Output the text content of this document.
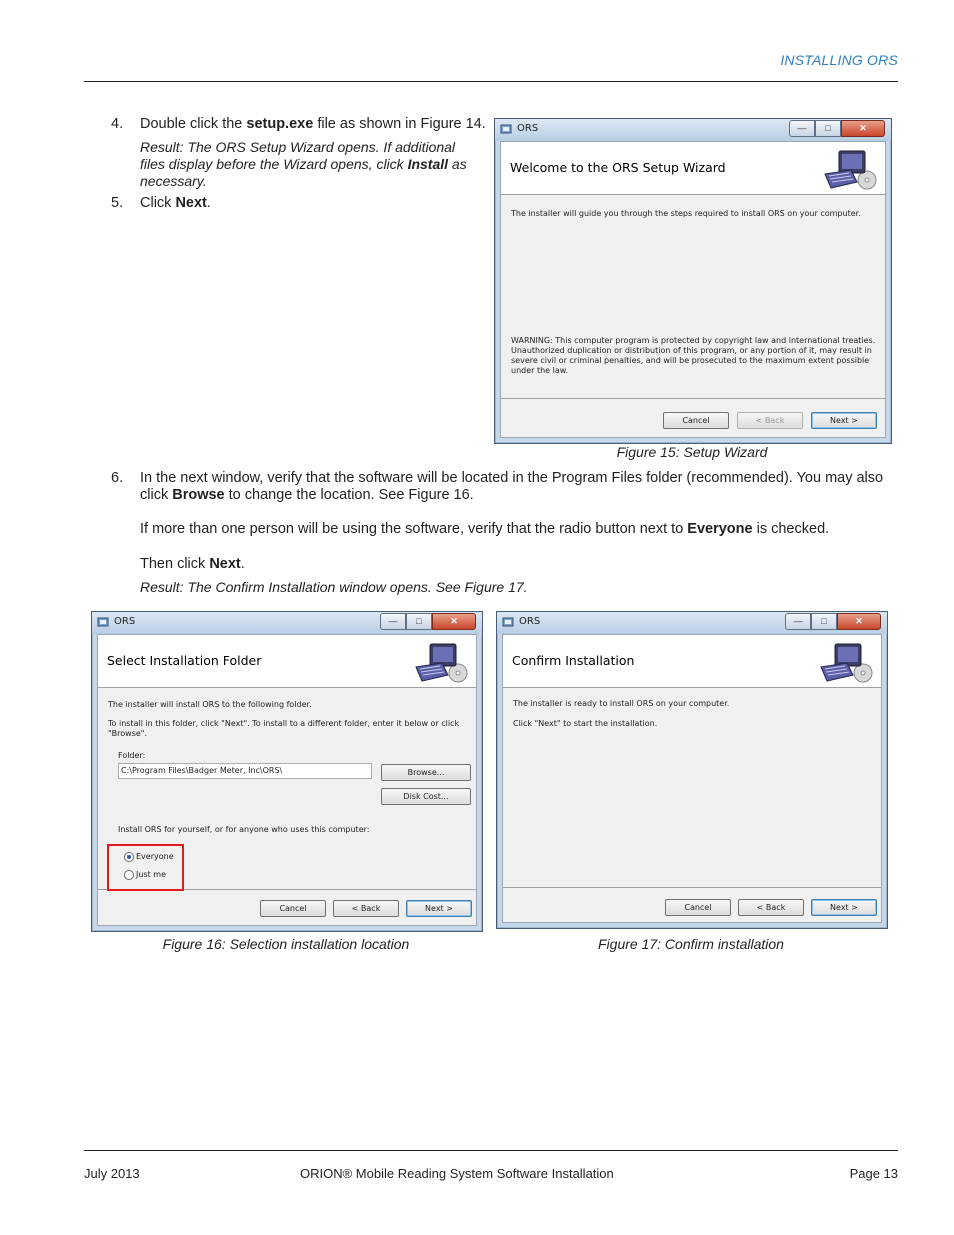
INSTALLING ORS
4. Double click the setup.exe file as shown in Figure 14.
Result: The ORS Setup Wizard opens. If additional files display before the Wizard opens, click Install as necessary.
5. Click Next.
ORS	—	□	✕
Welcome to the ORS Setup Wizard
The installer will guide you through the steps required to install ORS on your computer.
WARNING: This computer program is protected by copyright law and international treaties. Unauthorized duplication or distribution of this program, or any portion of it, may result in severe civil or criminal penalties, and will be prosecuted to the maximum extent possible under the law.
Cancel	< Back	Next >
Figure 15: Setup Wizard
6. In the next window, verify that the software will be located in the Program Files folder (recommended). You may also click Browse to change the location. See Figure 16.
If more than one person will be using the software, verify that the radio button next to Everyone is checked.
Then click Next.
Result: The Confirm Installation window opens. See Figure 17.
ORS	—	□	✕
Select Installation Folder
The installer will install ORS to the following folder.
To install in this folder, click "Next". To install to a different folder, enter it below or click "Browse".
Folder:
C:\Program Files\Badger Meter, Inc\ORS\	Browse...
Disk Cost...
Install ORS for yourself, or for anyone who uses this computer:
Everyone
Just me
Cancel	< Back	Next >
Figure 16: Selection installation location
ORS	—	□	✕
Confirm Installation
The installer is ready to install ORS on your computer.
Click "Next" to start the installation.
Cancel	< Back	Next >
Figure 17: Confirm installation
July 2013	ORION® Mobile Reading System Software Installation	Page 13
